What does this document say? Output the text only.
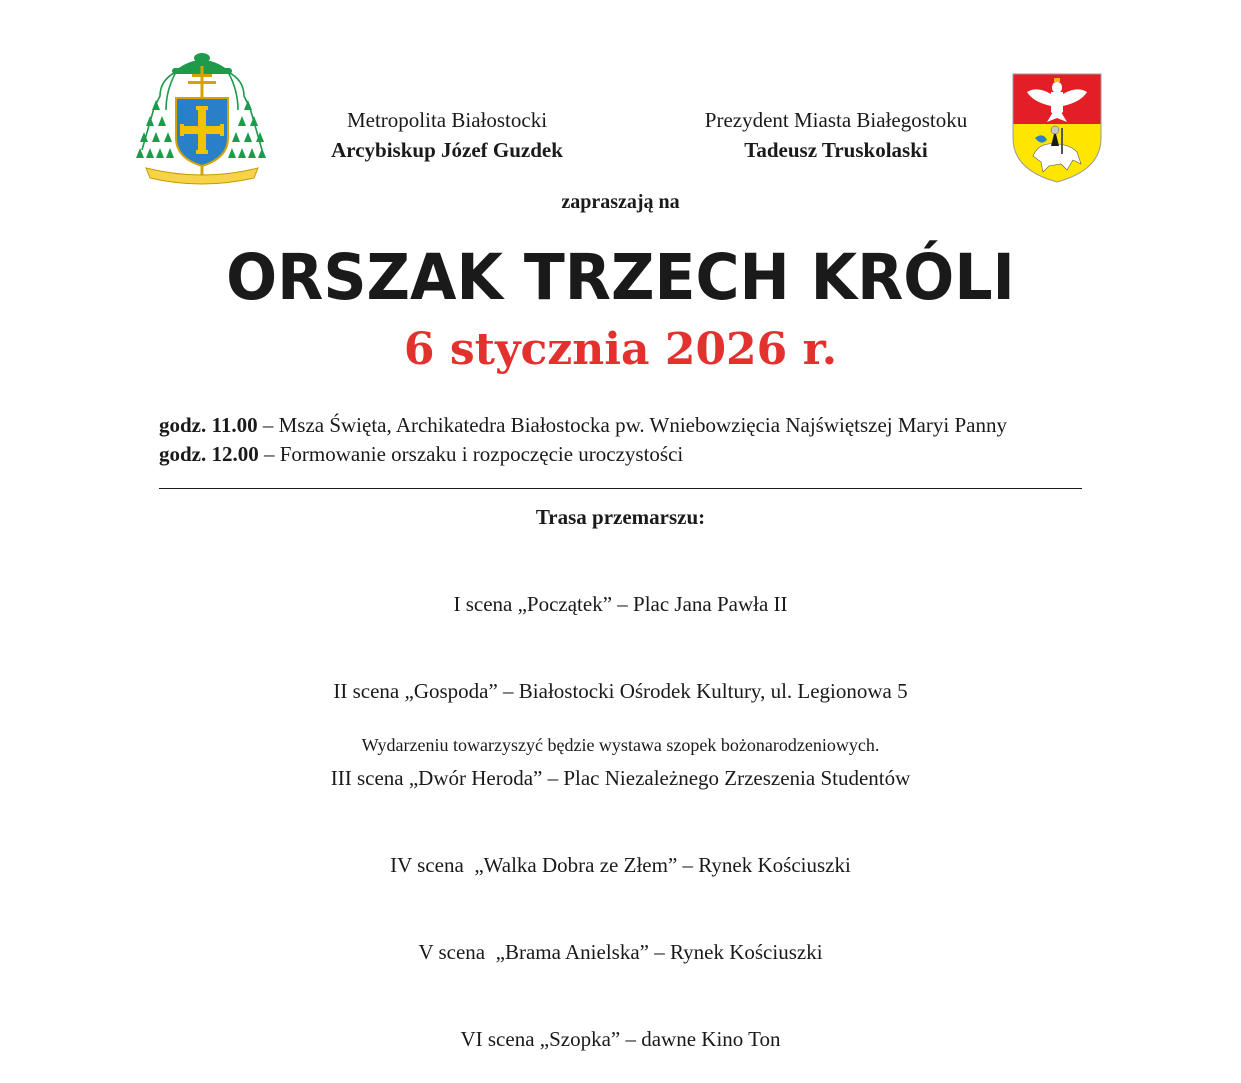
Metropolita Białostocki
Arcybiskup Józef Guzdek
Prezydent Miasta Białegostoku
Tadeusz Truskolaski
zapraszają na
ORSZAK TRZECH KRÓLI
6 stycznia 2026 r.
godz. 11.00 – Msza Święta, Archikatedra Białostocka pw. Wniebowzięcia Najświętszej Maryi Panny
godz. 12.00 – Formowanie orszaku i rozpoczęcie uroczystości
Trasa przemarszu:

I scena „Początek” – Plac Jana Pawła II

II scena „Gospoda” – Białostocki Ośrodek Kultury, ul. Legionowa 5

III scena „Dwór Heroda” – Plac Niezależnego Zrzeszenia Studentów

IV scena  „Walka Dobra ze Złem” – Rynek Kościuszki

V scena  „Brama Anielska” – Rynek Kościuszki

VI scena „Szopka” – dawne Kino Ton

Wydarzeniu towarzyszyć będzie wystawa szopek bożonarodzeniowych.
